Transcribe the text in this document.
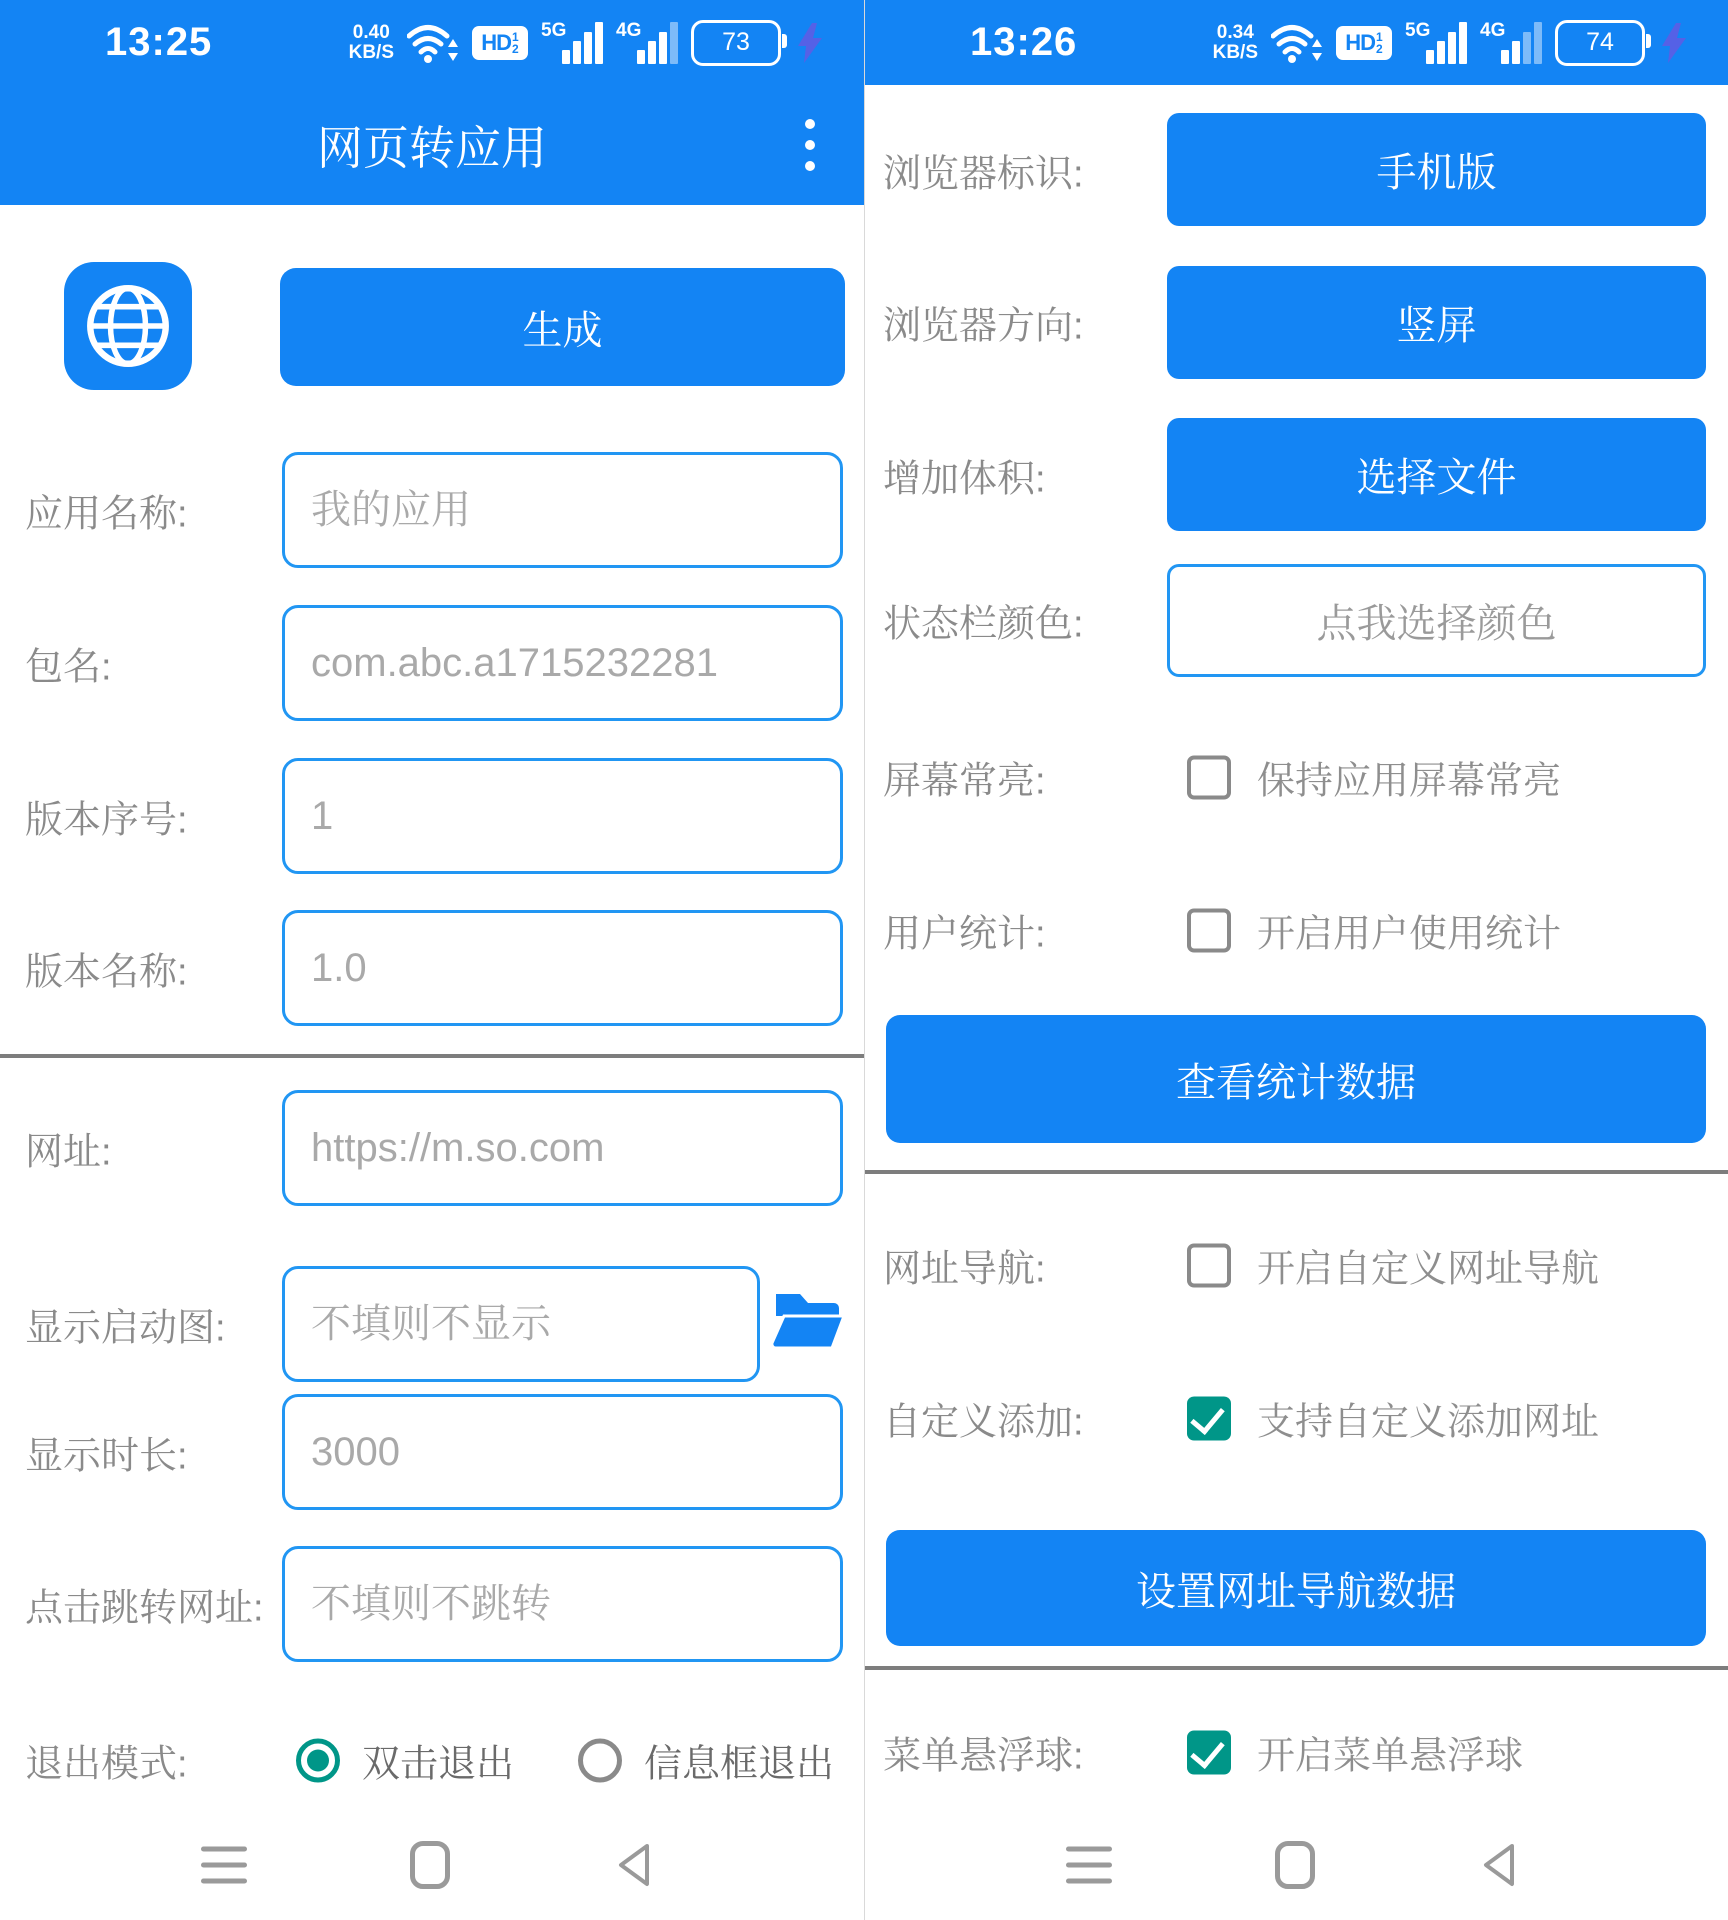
13:25	0.40
KB/S	HD 1
2
5G	4G	73
网页转应用
生成
应用名称:
我的应用
包名:
com.abc.a1715232281
版本序号:
1
版本名称:
1.0
网址:
https://m.so.com
显示启动图:
不填则不显示
显示时长:
3000
点击跳转网址:
不填则不跳转
退出模式:	双击退出	信息框退出
13:26	0.34
KB/S	HD 1
2
5G	4G	74
浏览器标识:	手机版
浏览器方向:	竖屏
增加体积:	选择文件
状态栏颜色:	点我选择颜色
屏幕常亮:	保持应用屏幕常亮
用户统计:	开启用户使用统计
查看统计数据
网址导航:	开启自定义网址导航
自定义添加:	支持自定义添加网址
设置网址导航数据
菜单悬浮球:	开启菜单悬浮球
